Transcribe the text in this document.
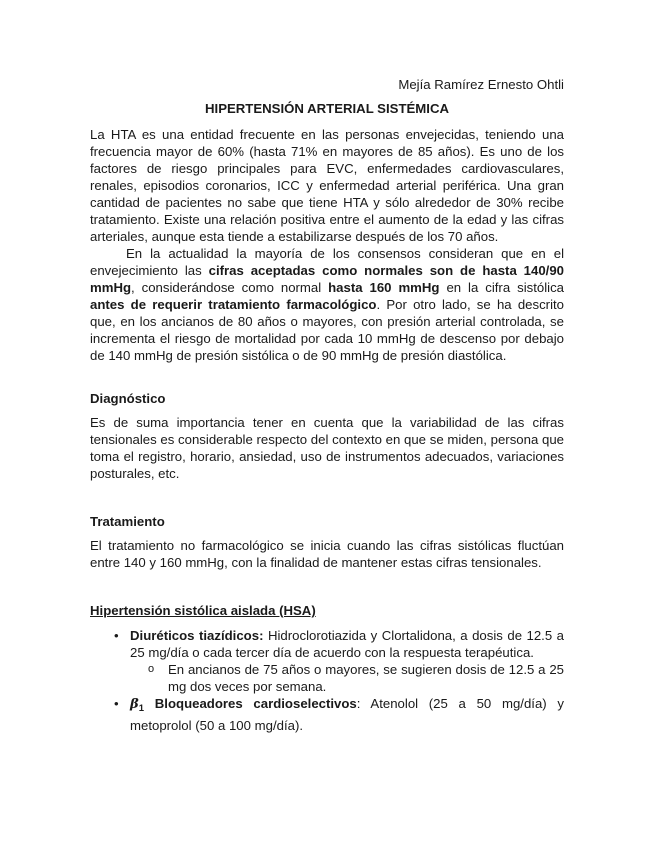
Mejía Ramírez Ernesto Ohtli
HIPERTENSIÓN ARTERIAL SISTÉMICA

La HTA es una entidad frecuente en las personas envejecidas, teniendo una frecuencia mayor de 60% (hasta 71% en mayores de 85 años). Es uno de los factores de riesgo principales para EVC, enfermedades cardiovasculares, renales, episodios coronarios, ICC y enfermedad arterial periférica. Una gran cantidad de pacientes no sabe que tiene HTA y sólo alrededor de 30% recibe tratamiento. Existe una relación positiva entre el aumento de la edad y las cifras arteriales, aunque esta tiende a estabilizarse después de los 70 años.

En la actualidad la mayoría de los consensos consideran que en el envejecimiento las cifras aceptadas como normales son de hasta 140/90 mmHg, considerándose como normal hasta 160 mmHg en la cifra sistólica antes de requerir tratamiento farmacológico. Por otro lado, se ha descrito que, en los ancianos de 80 años o mayores, con presión arterial controlada, se incrementa el riesgo de mortalidad por cada 10 mmHg de descenso por debajo de 140 mmHg de presión sistólica o de 90 mmHg de presión diastólica.

Diagnóstico

Es de suma importancia tener en cuenta que la variabilidad de las cifras tensionales es considerable respecto del contexto en que se miden, persona que toma el registro, horario, ansiedad, uso de instrumentos adecuados, variaciones posturales, etc.

Tratamiento

El tratamiento no farmacológico se inicia cuando las cifras sistólicas fluctúan entre 140 y 160 mmHg, con la finalidad de mantener estas cifras tensionales.

Hipertensión sistólica aislada (HSA)
• Diuréticos tiazídicos: Hidroclorotiazida y Clortalidona, a dosis de 12.5 a 25 mg/día o cada tercer día de acuerdo con la respuesta terapéutica.
o En ancianos de 75 años o mayores, se sugieren dosis de 12.5 a 25 mg dos veces por semana.
• $\beta_1$ Bloqueadores cardioselectivos: Atenolol (25 a 50 mg/día) y metoprolol (50 a 100 mg/día).
